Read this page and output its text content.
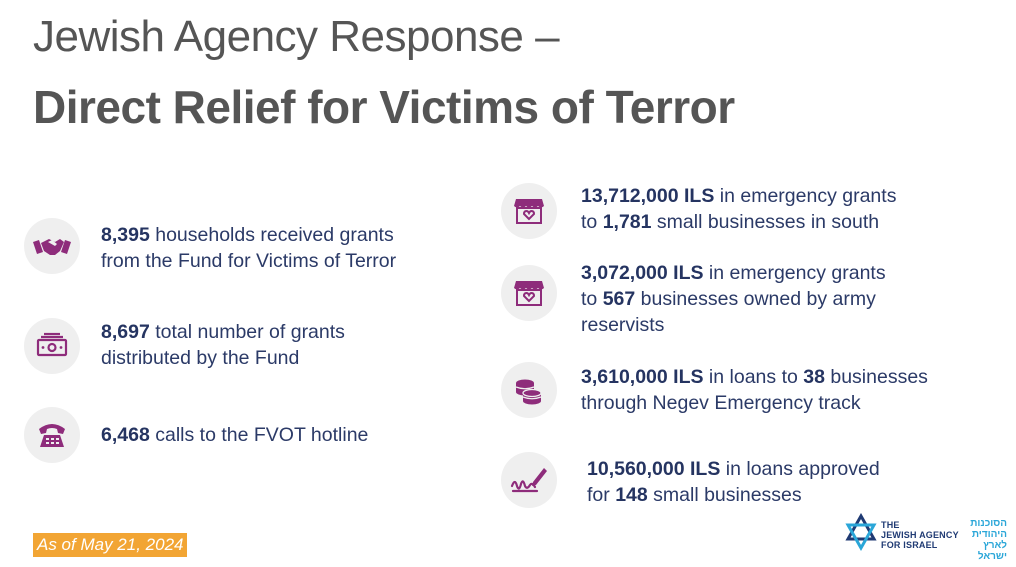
Jewish Agency Response –
Direct Relief for Victims of Terror
8,395 households received grants
from the Fund for Victims of Terror
8,697 total number of grants
distributed by the Fund
6,468 calls to the FVOT hotline
13,712,000 ILS in emergency grants
to 1,781 small businesses in south
3,072,000 ILS in emergency grants
to 567 businesses owned by army
reservists
3,610,000 ILS in loans to 38 businesses
through Negev Emergency track
10,560,000 ILS in loans approved
for 148 small businesses
As of May 21, 2024
THE
JEWISH AGENCY
FOR ISRAEL
הסוכנות היהודית
לארץ
ישראל
